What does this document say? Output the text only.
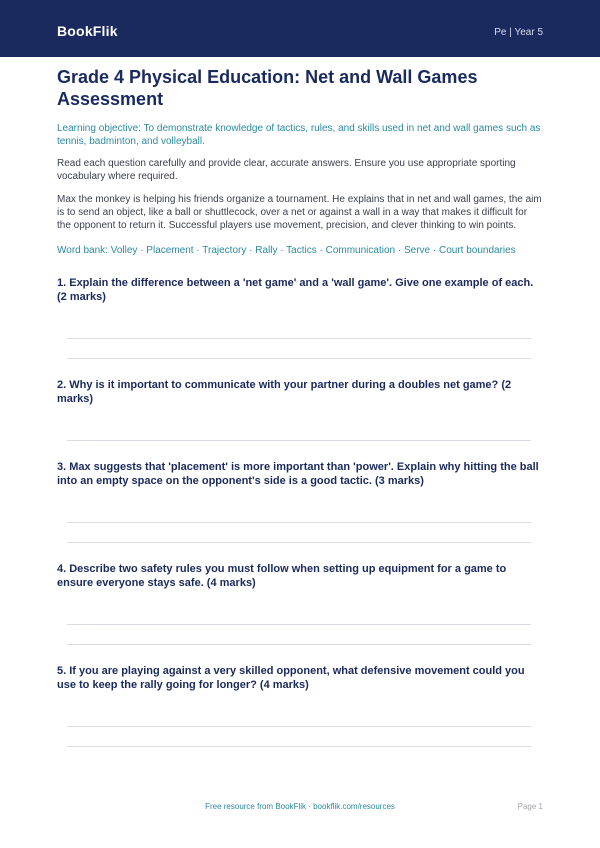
BookFlik	Pe | Year 5
Grade 4 Physical Education: Net and Wall Games Assessment
Learning objective: To demonstrate knowledge of tactics, rules, and skills used in net and wall games such as tennis, badminton, and volleyball.
Read each question carefully and provide clear, accurate answers. Ensure you use appropriate sporting vocabulary where required.
Max the monkey is helping his friends organize a tournament. He explains that in net and wall games, the aim is to send an object, like a ball or shuttlecock, over a net or against a wall in a way that makes it difficult for the opponent to return it. Successful players use movement, precision, and clever thinking to win points.
Word bank: Volley · Placement · Trajectory · Rally · Tactics · Communication · Serve · Court boundaries
1. Explain the difference between a 'net game' and a 'wall game'. Give one example of each. (2 marks)
2. Why is it important to communicate with your partner during a doubles net game? (2 marks)
3. Max suggests that 'placement' is more important than 'power'. Explain why hitting the ball into an empty space on the opponent's side is a good tactic. (3 marks)
4. Describe two safety rules you must follow when setting up equipment for a game to ensure everyone stays safe. (4 marks)
5. If you are playing against a very skilled opponent, what defensive movement could you use to keep the rally going for longer? (4 marks)
Free resource from BookFlik · bookflik.com/resources	Page 1
